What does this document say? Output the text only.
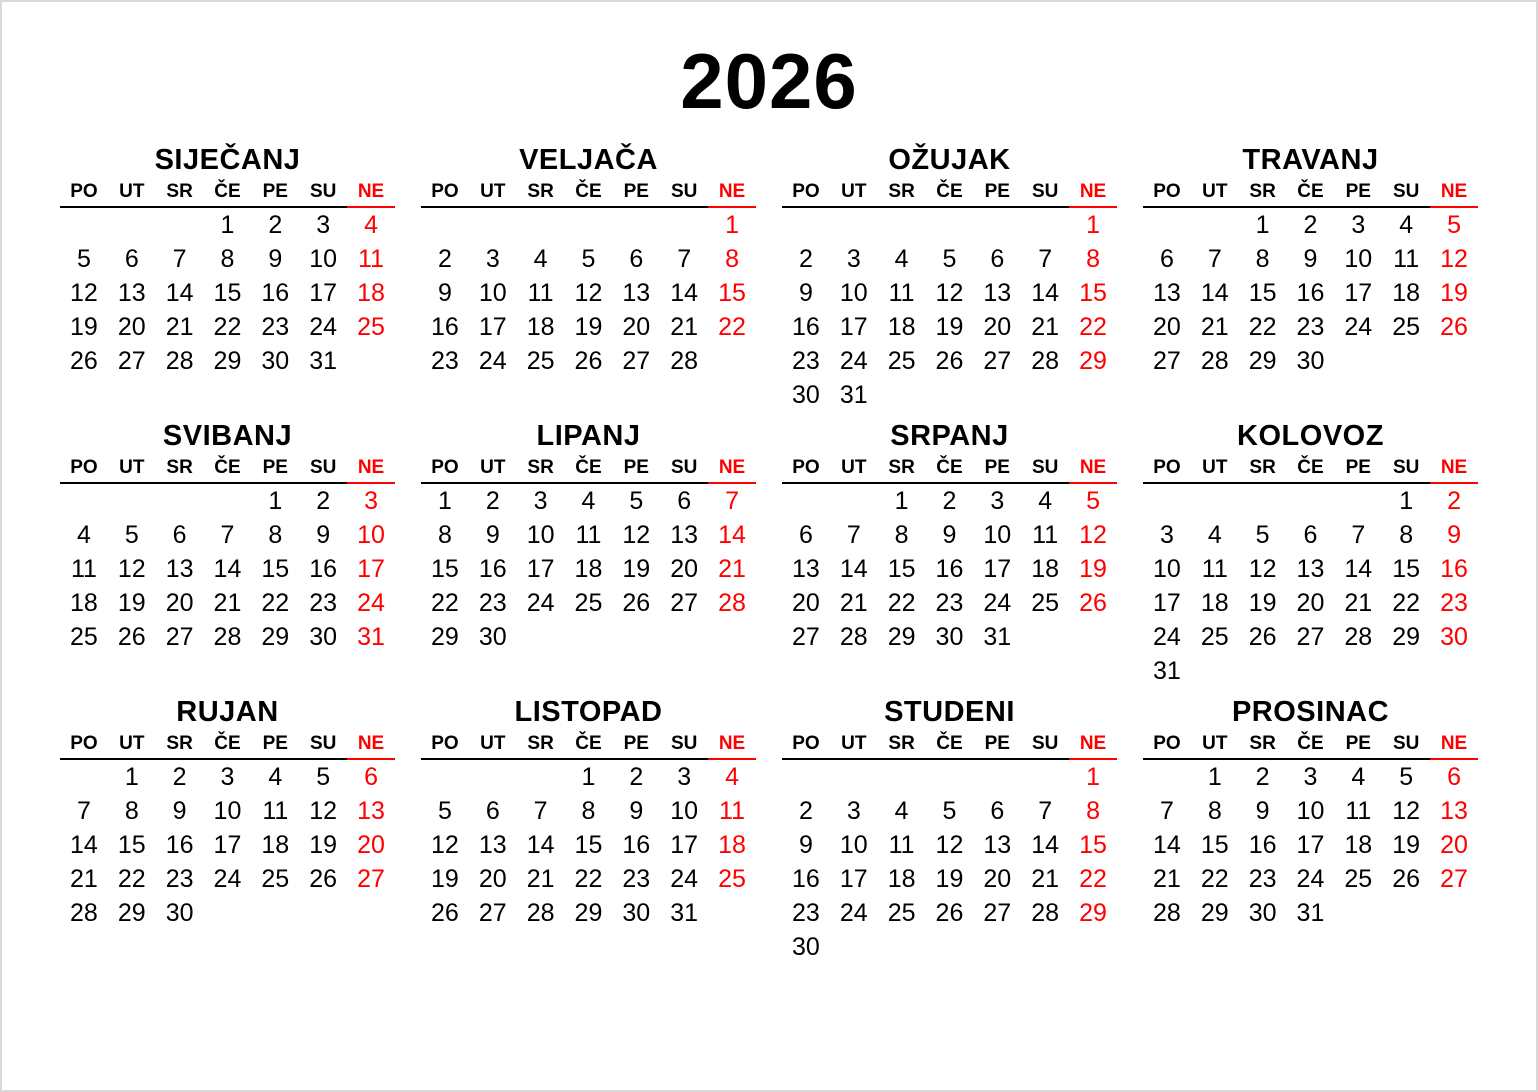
2026
SIJEČANJ
PO	UT	SR	ČE	PE	SU	NE
			1	2	3	4
5	6	7	8	9	10	11
12	13	14	15	16	17	18
19	20	21	22	23	24	25
26	27	28	29	30	31	
VELJAČA
PO	UT	SR	ČE	PE	SU	NE
						1
2	3	4	5	6	7	8
9	10	11	12	13	14	15
16	17	18	19	20	21	22
23	24	25	26	27	28	
OŽUJAK
PO	UT	SR	ČE	PE	SU	NE
						1
2	3	4	5	6	7	8
9	10	11	12	13	14	15
16	17	18	19	20	21	22
23	24	25	26	27	28	29
30	31					
TRAVANJ
PO	UT	SR	ČE	PE	SU	NE
		1	2	3	4	5
6	7	8	9	10	11	12
13	14	15	16	17	18	19
20	21	22	23	24	25	26
27	28	29	30			
SVIBANJ
PO	UT	SR	ČE	PE	SU	NE
				1	2	3
4	5	6	7	8	9	10
11	12	13	14	15	16	17
18	19	20	21	22	23	24
25	26	27	28	29	30	31
LIPANJ
PO	UT	SR	ČE	PE	SU	NE
1	2	3	4	5	6	7
8	9	10	11	12	13	14
15	16	17	18	19	20	21
22	23	24	25	26	27	28
29	30					
SRPANJ
PO	UT	SR	ČE	PE	SU	NE
		1	2	3	4	5
6	7	8	9	10	11	12
13	14	15	16	17	18	19
20	21	22	23	24	25	26
27	28	29	30	31		
KOLOVOZ
PO	UT	SR	ČE	PE	SU	NE
					1	2
3	4	5	6	7	8	9
10	11	12	13	14	15	16
17	18	19	20	21	22	23
24	25	26	27	28	29	30
31						
RUJAN
PO	UT	SR	ČE	PE	SU	NE
	1	2	3	4	5	6
7	8	9	10	11	12	13
14	15	16	17	18	19	20
21	22	23	24	25	26	27
28	29	30				
LISTOPAD
PO	UT	SR	ČE	PE	SU	NE
			1	2	3	4
5	6	7	8	9	10	11
12	13	14	15	16	17	18
19	20	21	22	23	24	25
26	27	28	29	30	31	
STUDENI
PO	UT	SR	ČE	PE	SU	NE
						1
2	3	4	5	6	7	8
9	10	11	12	13	14	15
16	17	18	19	20	21	22
23	24	25	26	27	28	29
30						
PROSINAC
PO	UT	SR	ČE	PE	SU	NE
	1	2	3	4	5	6
7	8	9	10	11	12	13
14	15	16	17	18	19	20
21	22	23	24	25	26	27
28	29	30	31			
